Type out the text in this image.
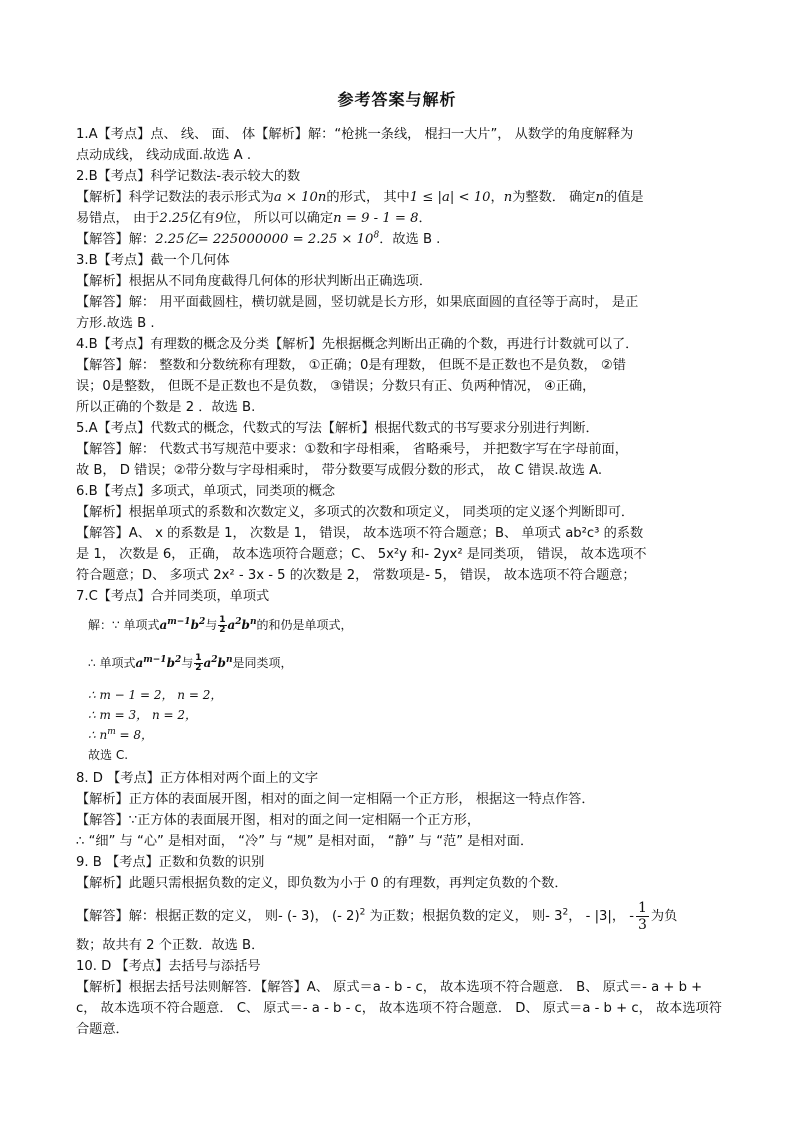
参考答案与解析
1.A【考点】点、 线、 面、 体【解析】解：“枪挑一条线， 棍扫一大片”， 从数学的角度解释为
点动成线， 线动成面.故选 A .
2.B【考点】科学记数法-表示较大的数
【解析】科学记数法的表示形式为a × 10n的形式， 其中1 ≤ |a| < 10，n为整数． 确定n的值是
易错点， 由于2.25亿有9位， 所以可以确定n = 9 - 1 = 8．
【解答】解：2.25亿= $225000000 = 2.25 \times 10^8$．故选 B .
3.B【考点】截一个几何体
【解析】根据从不同角度截得几何体的形状判断出正确选项．
【解答】解： 用平面截圆柱，横切就是圆，竖切就是长方形，如果底面圆的直径等于高时， 是正
方形.故选 B .
4.B【考点】有理数的概念及分类【解析】先根据概念判断出正确的个数，再进行计数就可以了．
【解答】解： 整数和分数统称有理数， ①正确；0是有理数， 但既不是正数也不是负数， ②错
误；0是整数， 但既不是正数也不是负数， ③错误；分数只有正、负两种情况， ④正确，
所以正确的个数是 2 ．故选 B.
5.A【考点】代数式的概念，代数式的写法【解析】根据代数式的书写要求分别进行判断．
【解答】解： 代数式书写规范中要求：①数和字母相乘， 省略乘号， 并把数字写在字母前面，
故 B， D 错误；②带分数与字母相乘时， 带分数要写成假分数的形式， 故 C 错误.故选 A.
6.B【考点】多项式，单项式，同类项的概念
【解析】根据单项式的系数和次数定义，多项式的次数和项定义， 同类项的定义逐个判断即可．
【解答】A、 x 的系数是 1， 次数是 1， 错误， 故本选项不符合题意；B、 单项式 ab²c³ 的系数
是 1， 次数是 6， 正确， 故本选项符合题意；C、 5x²y 和- 2yx² 是同类项， 错误， 故本选项不
符合题意；D、 多项式 2x² - 3x - 5 的次数是 2， 常数项是- 5， 错误， 故本选项不符合题意；
7.C【考点】合并同类项，单项式
解：∵ 单项式$a^{m-1}b^2$与 $\frac{1}{2} a^2b^n$的和仍是单项式，
∴ 单项式$a^{m-1}b^2$与 $\frac{1}{2} a^2b^n$是同类项，
∴ m − 1 = 2， n = 2，
∴ m = 3， n = 2，
∴ $n^m = 8$，
故选 C.
8. D 【考点】正方体相对两个面上的文字
【解析】正方体的表面展开图，相对的面之间一定相隔一个正方形， 根据这一特点作答．
【解答】∵正方体的表面展开图，相对的面之间一定相隔一个正方形，
∴ “细” 与 “心” 是相对面， “冷” 与 “规” 是相对面， “静” 与 “范” 是相对面．
9. B 【考点】正数和负数的识别
【解析】此题只需根据负数的定义，即负数为小于 0 的有理数，再判定负数的个数．
【解答】解：根据正数的定义， 则- (- 3)， (- 2)$^2$ 为正数；根据负数的定义， 则- $3^2$， - |3|， - $\frac{1}{3}$ 为负
数；故共有 2 个正数．故选 B．
10. D 【考点】去括号与添括号
【解析】根据去括号法则解答．【解答】A、 原式＝a - b - c， 故本选项不符合题意． B、 原式＝- a + b +
c， 故本选项不符合题意． C、 原式＝- a - b - c， 故本选项不符合题意． D、 原式＝a - b + c， 故本选项符
合题意．
